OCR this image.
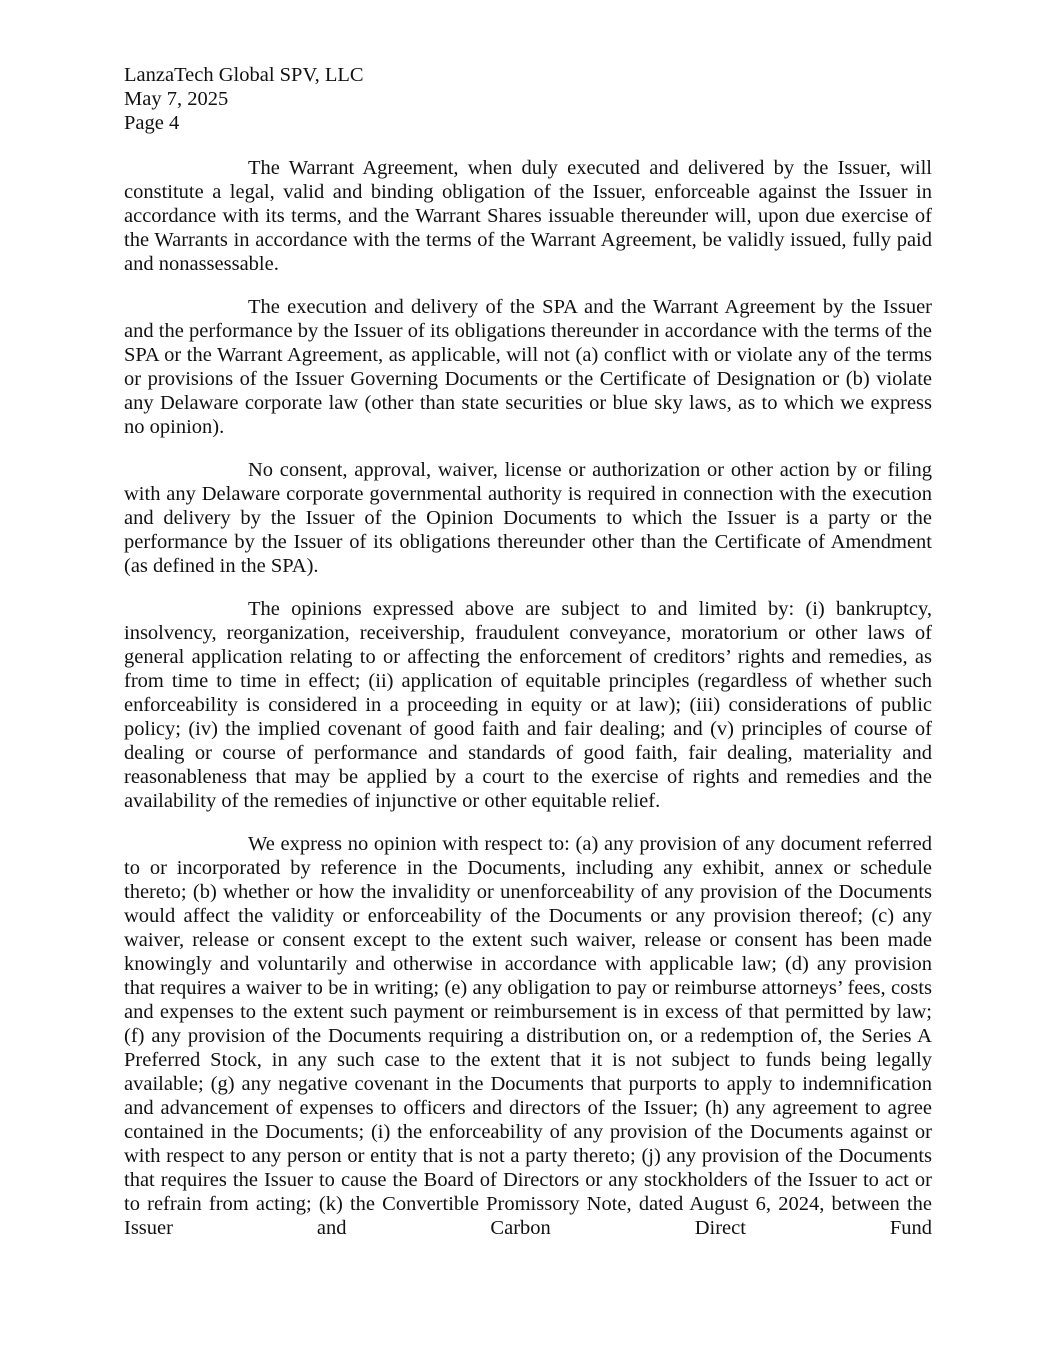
LanzaTech Global SPV, LLC
May 7, 2025
Page 4

The Warrant Agreement, when duly executed and delivered by the Issuer, will constitute a legal, valid and binding obligation of the Issuer, enforceable against the Issuer in accordance with its terms, and the Warrant Shares issuable thereunder will, upon due exercise of the Warrants in accordance with the terms of the Warrant Agreement, be validly issued, fully paid and nonassessable.

The execution and delivery of the SPA and the Warrant Agreement by the Issuer and the performance by the Issuer of its obligations thereunder in accordance with the terms of the SPA or the Warrant Agreement, as applicable, will not (a) conflict with or violate any of the terms or provisions of the Issuer Governing Documents or the Certificate of Designation or (b) violate any Delaware corporate law (other than state securities or blue sky laws, as to which we express no opinion).

No consent, approval, waiver, license or authorization or other action by or filing with any Delaware corporate governmental authority is required in connection with the execution and delivery by the Issuer of the Opinion Documents to which the Issuer is a party or the performance by the Issuer of its obligations thereunder other than the Certificate of Amendment (as defined in the SPA).

The opinions expressed above are subject to and limited by: (i) bankruptcy, insolvency, reorganization, receivership, fraudulent conveyance, moratorium or other laws of general application relating to or affecting the enforcement of creditors’ rights and remedies, as from time to time in effect; (ii) application of equitable principles (regardless of whether such enforceability is considered in a proceeding in equity or at law); (iii) considerations of public policy; (iv) the implied covenant of good faith and fair dealing; and (v) principles of course of dealing or course of performance and standards of good faith, fair dealing, materiality and reasonableness that may be applied by a court to the exercise of rights and remedies and the availability of the remedies of injunctive or other equitable relief.

We express no opinion with respect to: (a) any provision of any document referred to or incorporated by reference in the Documents, including any exhibit, annex or schedule thereto; (b) whether or how the invalidity or unenforceability of any provision of the Documents would affect the validity or enforceability of the Documents or any provision thereof; (c) any waiver, release or consent except to the extent such waiver, release or consent has been made knowingly and voluntarily and otherwise in accordance with applicable law; (d) any provision that requires a waiver to be in writing; (e) any obligation to pay or reimburse attorneys’ fees, costs and expenses to the extent such payment or reimbursement is in excess of that permitted by law; (f) any provision of the Documents requiring a distribution on, or a redemption of, the Series A Preferred Stock, in any such case to the extent that it is not subject to funds being legally available; (g) any negative covenant in the Documents that purports to apply to indemnification and advancement of expenses to officers and directors of the Issuer; (h) any agreement to agree contained in the Documents; (i) the enforceability of any provision of the Documents against or with respect to any person or entity that is not a party thereto; (j) any provision of the Documents that requires the Issuer to cause the Board of Directors or any stockholders of the Issuer to act or to refrain from acting; (k) the Convertible Promissory Note, dated August 6, 2024, between the Issuer and Carbon Direct Fund
